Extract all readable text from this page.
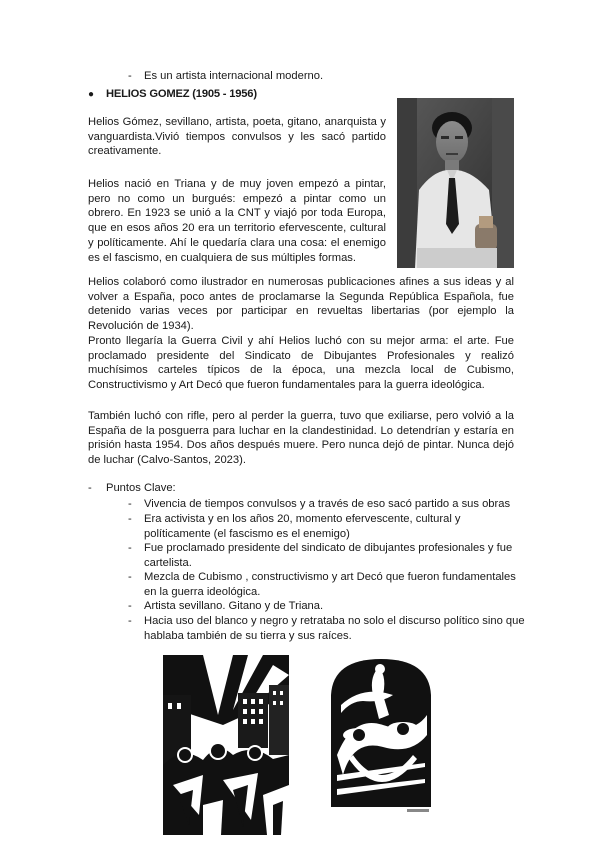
- Es un artista internacional moderno.
● HELIOS GOMEZ (1905 - 1956)
Helios Gómez, sevillano, artista, poeta, gitano, anarquista y vanguardista.Vivió tiempos convulsos y les sacó partido creativamente.
Helios nació en Triana y de muy joven empezó a pintar, pero no como un burgués: empezó a pintar como un obrero. En 1923 se unió a la CNT y viajó por toda Europa, que en esos años 20 era un territorio efervescente, cultural y políticamente. Ahí le quedaría clara una cosa: el enemigo es el fascismo, en cualquiera de sus múltiples formas.
Helios colaboró como ilustrador en numerosas publicaciones afines a sus ideas y al volver a España, poco antes de proclamarse la Segunda República Española, fue detenido varias veces por participar en revueltas libertarias (por ejemplo la Revolución de 1934).
Pronto llegaría la Guerra Civil y ahí Helios luchó con su mejor arma: el arte. Fue proclamado presidente del Sindicato de Dibujantes Profesionales y realizó muchísimos carteles típicos de la época, una mezcla local de Cubismo, Constructivismo y Art Decó que fueron fundamentales para la guerra ideológica.
También luchó con rifle, pero al perder la guerra, tuvo que exiliarse, pero volvió a la España de la posguerra para luchar en la clandestinidad. Lo detendrían y estaría en prisión hasta 1954. Dos años después muere. Pero nunca dejó de pintar. Nunca dejó de luchar (Calvo-Santos, 2023).
- Puntos Clave:
- Vivencia de tiempos convulsos y a través de eso sacó partido a sus obras
- Era activista y en los años 20, momento efervescente, cultural y políticamente (el fascismo es el enemigo)
- Fue proclamado presidente del sindicato de dibujantes profesionales y fue cartelista.
- Mezcla de Cubismo , constructivismo y art Decó que fueron fundamentales en la guerra ideológica.
- Artista sevillano. Gitano y de Triana.
- Hacia uso del blanco y negro y retrataba no solo el discurso político sino que hablaba también de su tierra y sus raíces.
